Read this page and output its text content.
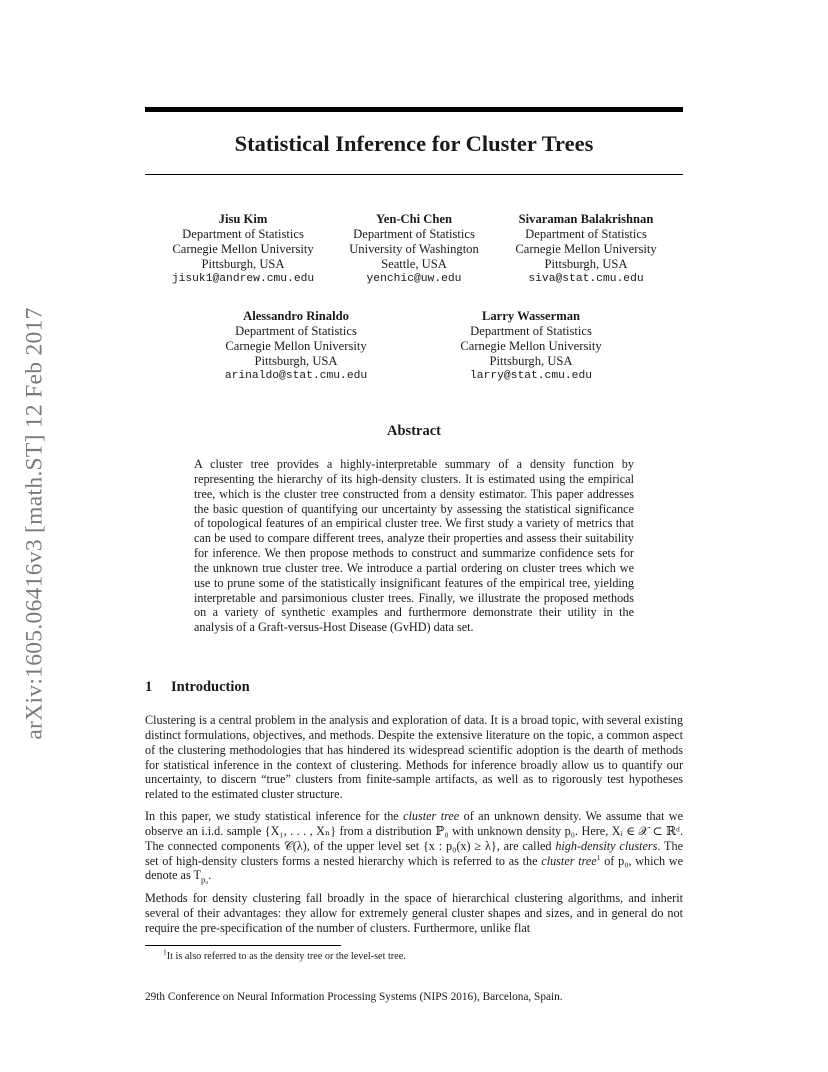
arXiv:1605.06416v3 [math.ST] 12 Feb 2017
Statistical Inference for Cluster Trees
Jisu Kim
Department of Statistics
Carnegie Mellon University
Pittsburgh, USA
jisuk1@andrew.cmu.edu
Yen-Chi Chen
Department of Statistics
University of Washington
Seattle, USA
yenchic@uw.edu
Sivaraman Balakrishnan
Department of Statistics
Carnegie Mellon University
Pittsburgh, USA
siva@stat.cmu.edu
Alessandro Rinaldo
Department of Statistics
Carnegie Mellon University
Pittsburgh, USA
arinaldo@stat.cmu.edu
Larry Wasserman
Department of Statistics
Carnegie Mellon University
Pittsburgh, USA
larry@stat.cmu.edu
Abstract

A cluster tree provides a highly-interpretable summary of a density function by representing the hierarchy of its high-density clusters. It is estimated using the empirical tree, which is the cluster tree constructed from a density estimator. This paper addresses the basic question of quantifying our uncertainty by assessing the statistical significance of topological features of an empirical cluster tree. We first study a variety of metrics that can be used to compare different trees, analyze their properties and assess their suitability for inference. We then propose methods to construct and summarize confidence sets for the unknown true cluster tree. We introduce a partial ordering on cluster trees which we use to prune some of the statistically insignificant features of the empirical tree, yielding interpretable and parsimonious cluster trees. Finally, we illustrate the proposed methods on a variety of synthetic examples and furthermore demonstrate their utility in the analysis of a Graft-versus-Host Disease (GvHD) data set.

1 Introduction

Clustering is a central problem in the analysis and exploration of data. It is a broad topic, with several existing distinct formulations, objectives, and methods. Despite the extensive literature on the topic, a common aspect of the clustering methodologies that has hindered its widespread scientific adoption is the dearth of methods for statistical inference in the context of clustering. Methods for inference broadly allow us to quantify our uncertainty, to discern “true” clusters from finite-sample artifacts, as well as to rigorously test hypotheses related to the estimated cluster structure.

In this paper, we study statistical inference for the cluster tree of an unknown density. We assume that we observe an i.i.d. sample {X₁, . . . , Xₙ} from a distribution ℙ₀ with unknown density p₀. Here, Xᵢ ∈ 𝒳 ⊂ ℝᵈ. The connected components 𝒞(λ), of the upper level set {x : p₀(x) ≥ λ}, are called high-density clusters. The set of high-density clusters forms a nested hierarchy which is referred to as the cluster tree$^1$ of p₀, which we denote as $T_{p_0}$.

Methods for density clustering fall broadly in the space of hierarchical clustering algorithms, and inherit several of their advantages: they allow for extremely general cluster shapes and sizes, and in general do not require the pre-specification of the number of clusters. Furthermore, unlike flat

$^1$It is also referred to as the density tree or the level-set tree.
29th Conference on Neural Information Processing Systems (NIPS 2016), Barcelona, Spain.
